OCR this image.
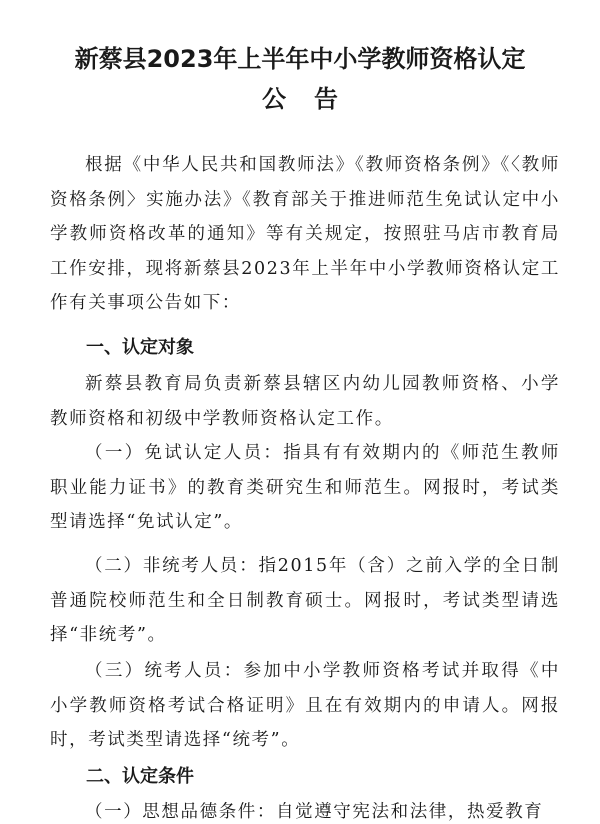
新蔡县2023年上半年中小学教师资格认定
公告
根据《中华人民共和国教师法》《教师资格条例》《〈教师资格条例〉实施办法》《教育部关于推进师范生免试认定中小学教师资格改革的通知》等有关规定，按照驻马店市教育局工作安排，现将新蔡县2023年上半年中小学教师资格认定工作有关事项公告如下：
一、认定对象
新蔡县教育局负责新蔡县辖区内幼儿园教师资格、小学教师资格和初级中学教师资格认定工作。
（一）免试认定人员：指具有有效期内的《师范生教师职业能力证书》的教育类研究生和师范生。网报时，考试类型请选择“免试认定”。
（二）非统考人员：指2015年（含）之前入学的全日制普通院校师范生和全日制教育硕士。网报时，考试类型请选择“非统考”。
（三）统考人员：参加中小学教师资格考试并取得《中小学教师资格考试合格证明》且在有效期内的申请人。网报时，考试类型请选择“统考”。
二、认定条件
（一）思想品德条件：自觉遵守宪法和法律，热爱教育
